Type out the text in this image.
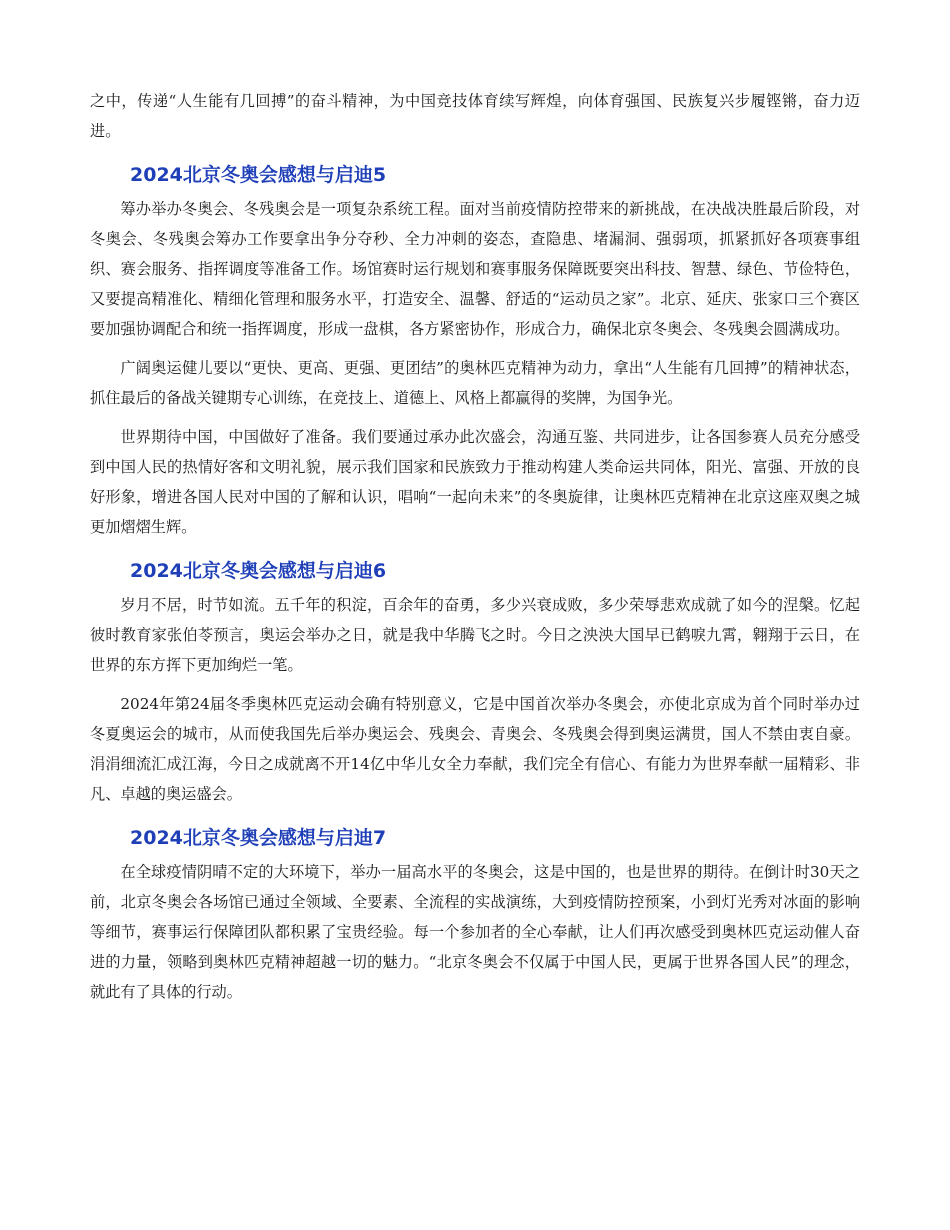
之中，传递“人生能有几回搏”的奋斗精神，为中国竞技体育续写辉煌，向体育强国、民族复兴步履铿锵，奋力迈进。

2024北京冬奥会感想与启迪5

筹办举办冬奥会、冬残奥会是一项复杂系统工程。面对当前疫情防控带来的新挑战，在决战决胜最后阶段，对冬奥会、冬残奥会筹办工作要拿出争分夺秒、全力冲刺的姿态，查隐患、堵漏洞、强弱项，抓紧抓好各项赛事组织、赛会服务、指挥调度等准备工作。场馆赛时运行规划和赛事服务保障既要突出科技、智慧、绿色、节俭特色，又要提高精准化、精细化管理和服务水平，打造安全、温馨、舒适的“运动员之家”。北京、延庆、张家口三个赛区要加强协调配合和统一指挥调度，形成一盘棋，各方紧密协作，形成合力，确保北京冬奥会、冬残奥会圆满成功。

广阔奥运健儿要以“更快、更高、更强、更团结”的奥林匹克精神为动力，拿出“人生能有几回搏”的精神状态，抓住最后的备战关键期专心训练，在竞技上、道德上、风格上都赢得的奖牌，为国争光。

世界期待中国，中国做好了准备。我们要通过承办此次盛会，沟通互鉴、共同进步，让各国参赛人员充分感受到中国人民的热情好客和文明礼貌，展示我们国家和民族致力于推动构建人类命运共同体，阳光、富强、开放的良好形象，增进各国人民对中国的了解和认识，唱响“一起向未来”的冬奥旋律，让奥林匹克精神在北京这座双奥之城更加熠熠生辉。

2024北京冬奥会感想与启迪6

岁月不居，时节如流。五千年的积淀，百余年的奋勇，多少兴衰成败，多少荣辱悲欢成就了如今的涅槃。忆起彼时教育家张伯苓预言，奥运会举办之日，就是我中华腾飞之时。今日之泱泱大国早已鹤唳九霄，翱翔于云日，在世界的东方挥下更加绚烂一笔。

2024年第24届冬季奥林匹克运动会确有特别意义，它是中国首次举办冬奥会，亦使北京成为首个同时举办过冬夏奥运会的城市，从而使我国先后举办奥运会、残奥会、青奥会、冬残奥会得到奥运满贯，国人不禁由衷自豪。涓涓细流汇成江海，今日之成就离不开14亿中华儿女全力奉献，我们完全有信心、有能力为世界奉献一届精彩、非凡、卓越的奥运盛会。

2024北京冬奥会感想与启迪7

在全球疫情阴晴不定的大环境下，举办一届高水平的冬奥会，这是中国的，也是世界的期待。在倒计时30天之前，北京冬奥会各场馆已通过全领域、全要素、全流程的实战演练，大到疫情防控预案，小到灯光秀对冰面的影响等细节，赛事运行保障团队都积累了宝贵经验。每一个参加者的全心奉献，让人们再次感受到奥林匹克运动催人奋进的力量，领略到奥林匹克精神超越一切的魅力。“北京冬奥会不仅属于中国人民，更属于世界各国人民”的理念，就此有了具体的行动。
